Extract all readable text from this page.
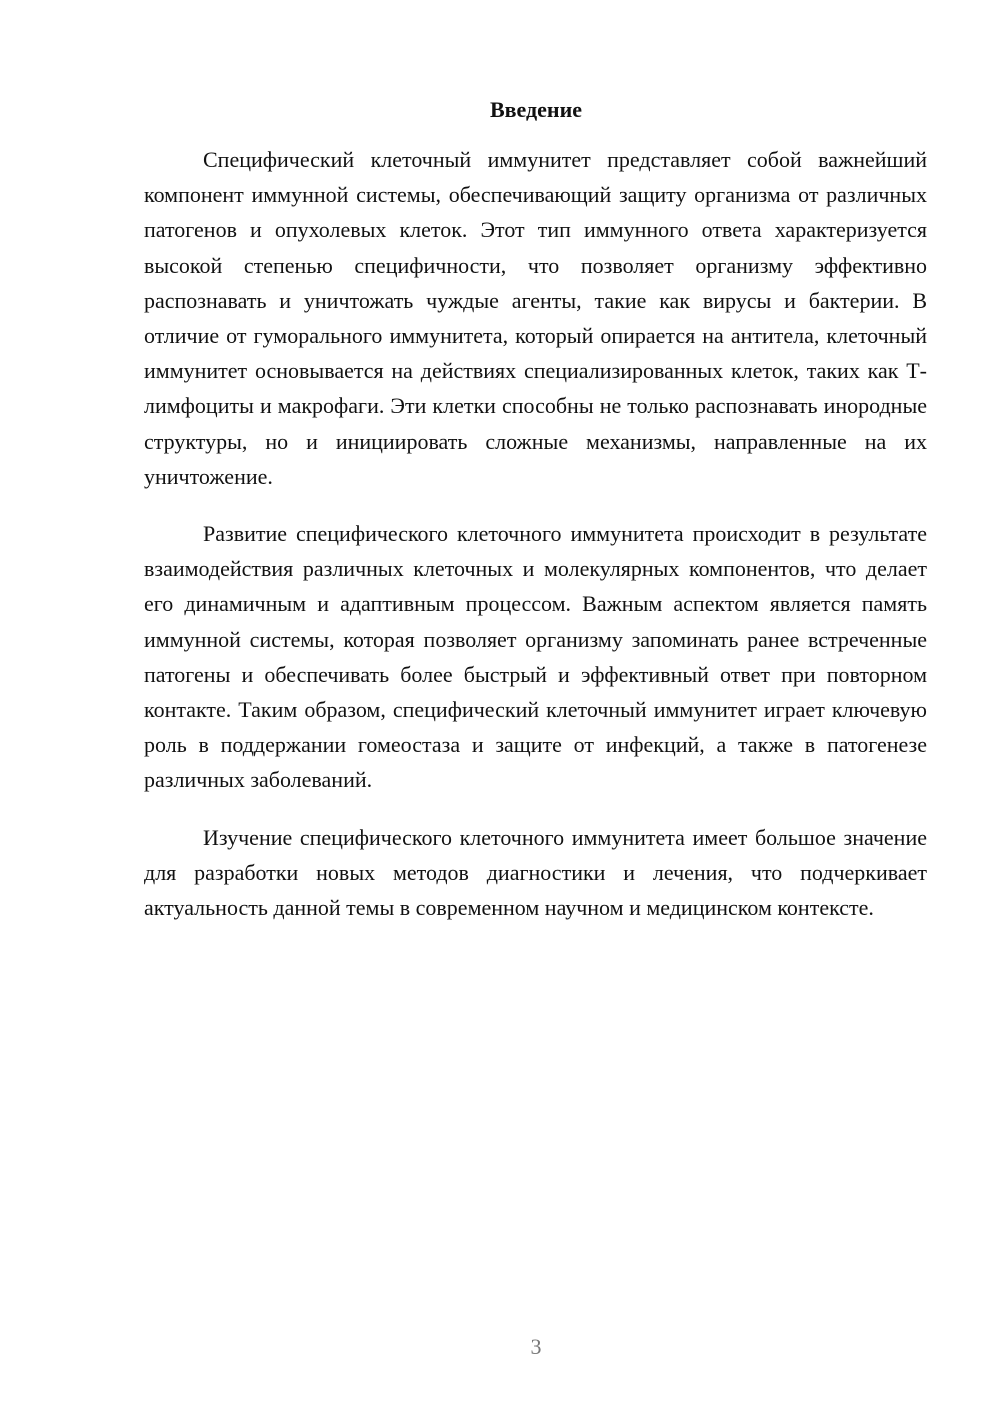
Введение

Специфический клеточный иммунитет представляет собой важнейший компонент иммунной системы, обеспечивающий защиту организма от различных патогенов и опухолевых клеток. Этот тип иммунного ответа характеризуется высокой степенью специфичности, что позволяет организму эффективно распознавать и уничтожать чуждые агенты, такие как вирусы и бактерии. В отличие от гуморального иммунитета, который опирается на антитела, клеточный иммунитет основывается на действиях специализированных клеток, таких как Т-лимфоциты и макрофаги. Эти клетки способны не только распознавать инородные структуры, но и инициировать сложные механизмы, направленные на их уничтожение.

Развитие специфического клеточного иммунитета происходит в результате взаимодействия различных клеточных и молекулярных компонентов, что делает его динамичным и адаптивным процессом. Важным аспектом является память иммунной системы, которая позволяет организму запоминать ранее встреченные патогены и обеспечивать более быстрый и эффективный ответ при повторном контакте. Таким образом, специфический клеточный иммунитет играет ключевую роль в поддержании гомеостаза и защите от инфекций, а также в патогенезе различных заболеваний.

Изучение специфического клеточного иммунитета имеет большое значение для разработки новых методов диагностики и лечения, что подчеркивает актуальность данной темы в современном научном и медицинском контексте.

3
